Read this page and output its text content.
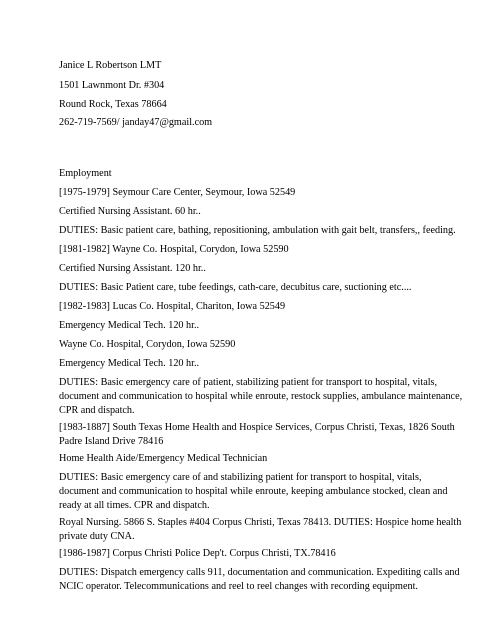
Janice L Robertson LMT
1501 Lawnmont Dr. #304
Round Rock, Texas 78664
262-719-7569/ janday47@gmail.com
Employment
[1975-1979] Seymour Care Center, Seymour, Iowa 52549
Certified Nursing Assistant. 60 hr..
DUTIES: Basic patient care, bathing, repositioning, ambulation with gait belt, transfers,, feeding.
[1981-1982] Wayne Co. Hospital, Corydon, Iowa 52590
Certified Nursing Assistant. 120 hr..
DUTIES: Basic Patient care, tube feedings, cath-care, decubitus care, suctioning etc....
[1982-1983] Lucas Co. Hospital, Chariton, Iowa 52549
Emergency Medical Tech. 120 hr..
Wayne Co. Hospital, Corydon, Iowa 52590
Emergency Medical Tech. 120 hr..
DUTIES: Basic emergency care of patient, stabilizing patient for transport to hospital, vitals, document and communication to hospital while enroute, restock supplies, ambulance maintenance, CPR and dispatch.
[1983-1887] South Texas Home Health and Hospice Services, Corpus Christi, Texas, 1826 South Padre Island Drive 78416
Home Health Aide/Emergency Medical Technician
DUTIES: Basic emergency care of and stabilizing patient for transport to hospital, vitals, document and communication to hospital while enroute, keeping ambulance stocked, clean and ready at all times. CPR and dispatch.
Royal Nursing. 5866 S. Staples #404 Corpus Christi, Texas 78413. DUTIES: Hospice home health private duty CNA.
[1986-1987] Corpus Christi Police Dep't. Corpus Christi, TX.78416
DUTIES: Dispatch emergency calls 911, documentation and communication. Expediting calls and NCIC operator. Telecommunications and reel to reel changes with recording equipment.
